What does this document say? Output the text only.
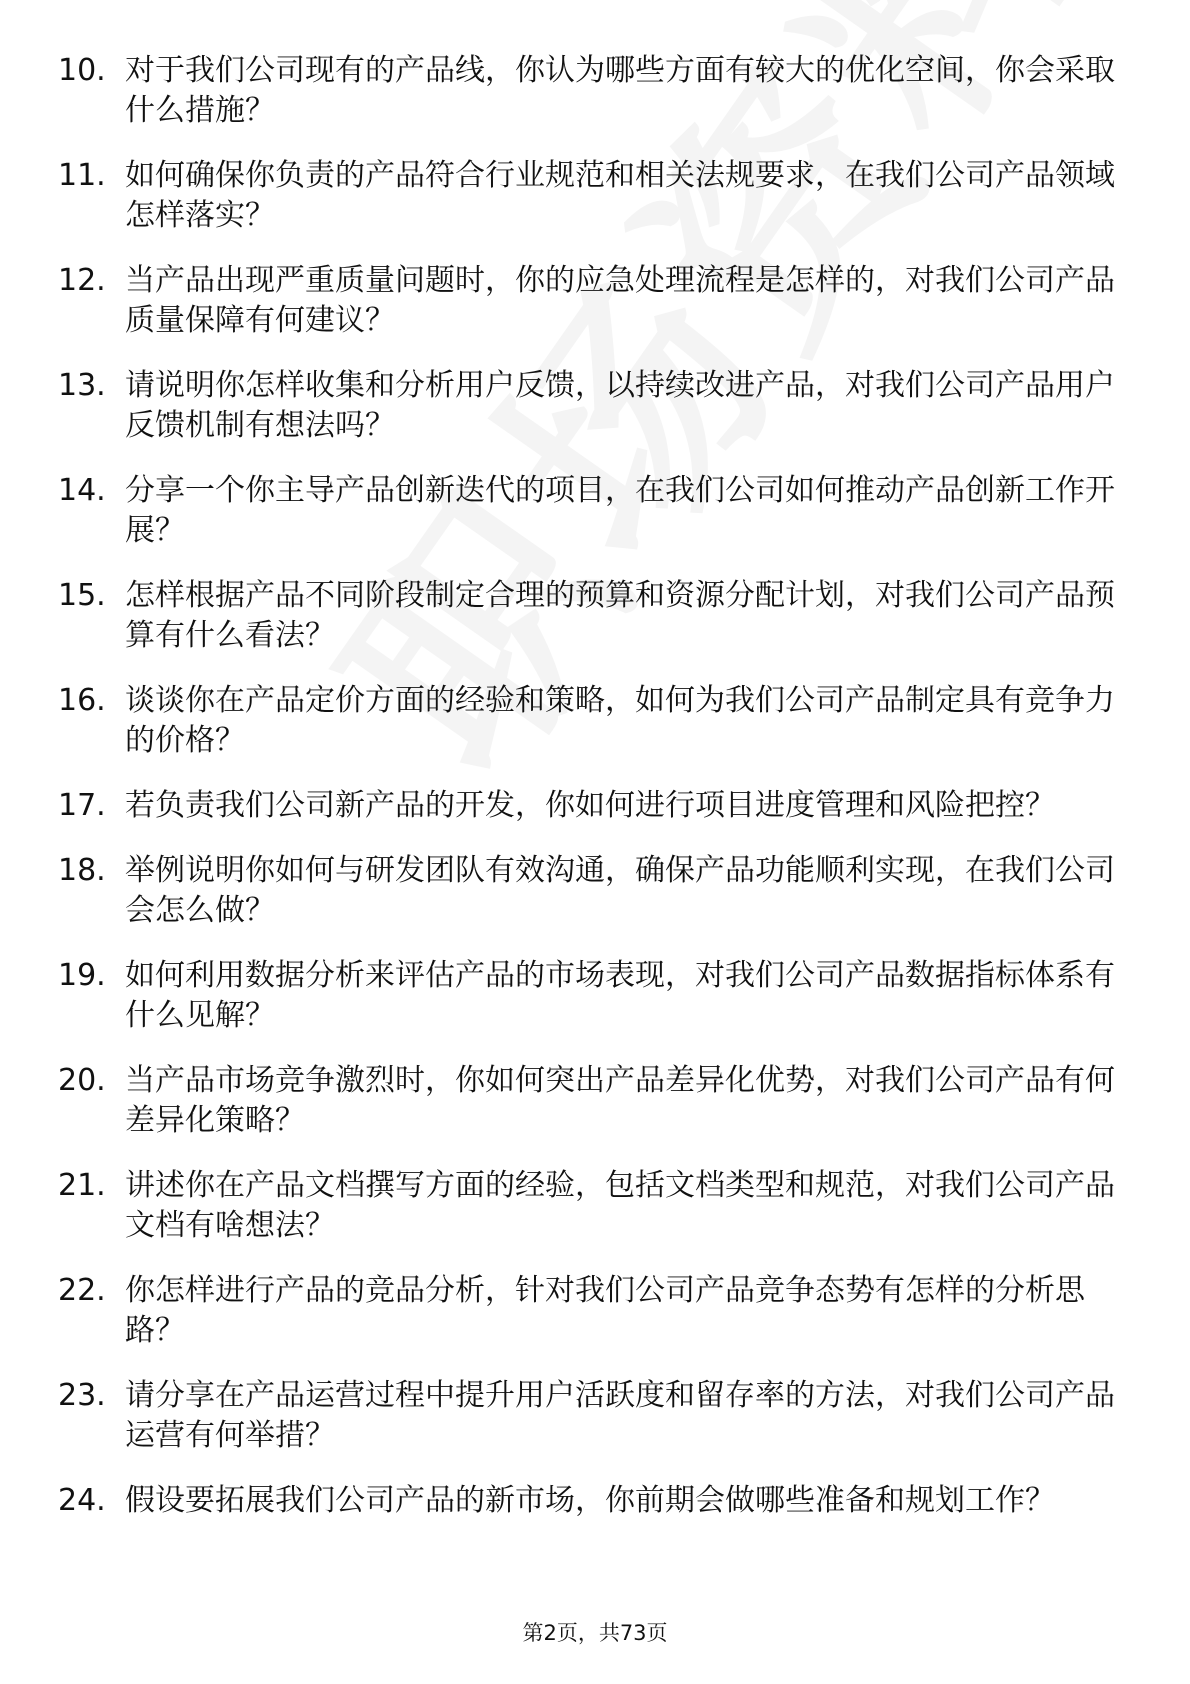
10. 对于我们公司现有的产品线，你认为哪些方面有较大的优化空间，你会采取什么措施？
11. 如何确保你负责的产品符合行业规范和相关法规要求，在我们公司产品领域怎样落实？
12. 当产品出现严重质量问题时，你的应急处理流程是怎样的，对我们公司产品质量保障有何建议？
13. 请说明你怎样收集和分析用户反馈，以持续改进产品，对我们公司产品用户反馈机制有想法吗？
14. 分享一个你主导产品创新迭代的项目，在我们公司如何推动产品创新工作开展？
15. 怎样根据产品不同阶段制定合理的预算和资源分配计划，对我们公司产品预算有什么看法？
16. 谈谈你在产品定价方面的经验和策略，如何为我们公司产品制定具有竞争力的价格？
17. 若负责我们公司新产品的开发，你如何进行项目进度管理和风险把控？
18. 举例说明你如何与研发团队有效沟通，确保产品功能顺利实现，在我们公司会怎么做？
19. 如何利用数据分析来评估产品的市场表现，对我们公司产品数据指标体系有什么见解？
20. 当产品市场竞争激烈时，你如何突出产品差异化优势，对我们公司产品有何差异化策略？
21. 讲述你在产品文档撰写方面的经验，包括文档类型和规范，对我们公司产品文档有啥想法？
22. 你怎样进行产品的竞品分析，针对我们公司产品竞争态势有怎样的分析思路？
23. 请分享在产品运营过程中提升用户活跃度和留存率的方法，对我们公司产品运营有何举措？
24. 假设要拓展我们公司产品的新市场，你前期会做哪些准备和规划工作？
第2页，共73页
